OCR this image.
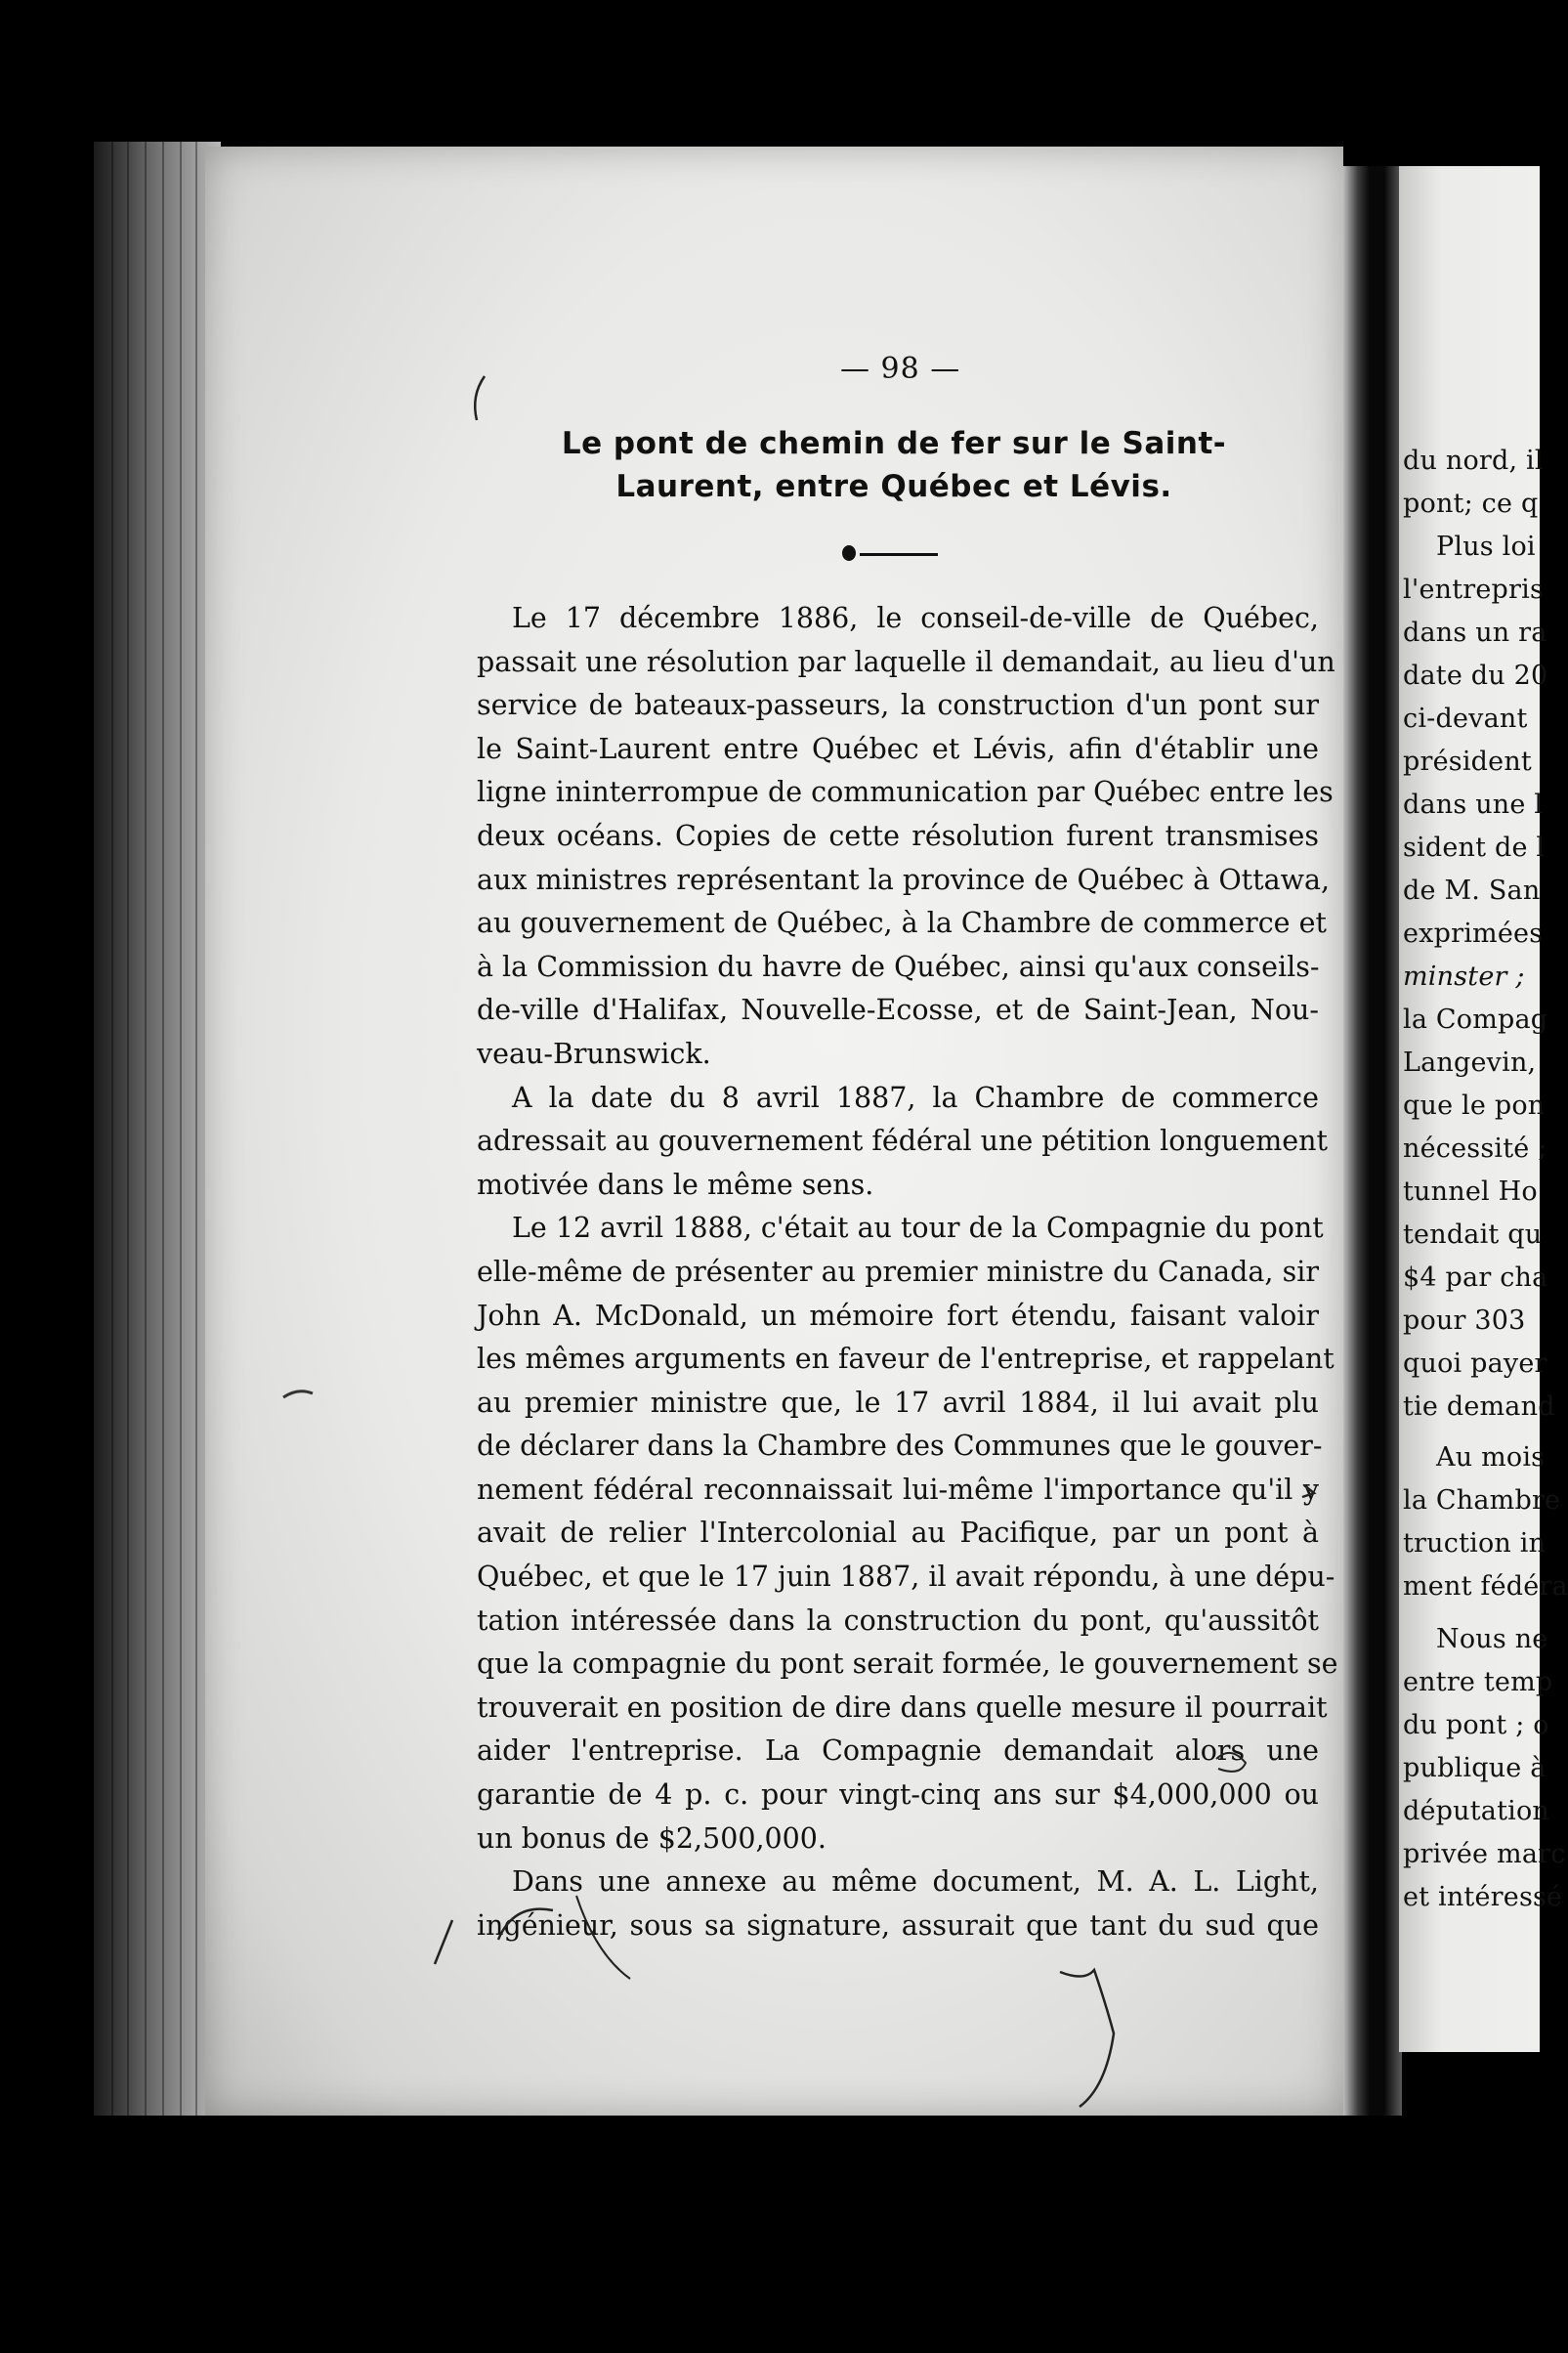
du nord, il
pont; ce q
Plus loi
l'entrepris
dans un ra
date du 20
ci-devant
président
dans une l
sident de l
de M. San
exprimées
minster ;
la Compag
Langevin,
que le pon
nécessité ;
tunnel Ho
tendait qu
$4 par cha
pour 303
quoi payer
tie demand
Au mois
la Chambre
truction in
ment fédéra
Nous ne
entre temp
du pont ; o
publique à
députation
privée marc
et intéressé
— 98 —
Le pont de chemin de fer sur le Saint-
Laurent, entre Québec et Lévis.
Le 17 décembre 1886, le conseil-de-ville de Québec,
passait une résolution par laquelle il demandait, au lieu d'un
service de bateaux-passeurs, la construction d'un pont sur
le Saint-Laurent entre Québec et Lévis, afin d'établir une
ligne ininterrompue de communication par Québec entre les
deux océans. Copies de cette résolution furent transmises
aux ministres représentant la province de Québec à Ottawa,
au gouvernement de Québec, à la Chambre de commerce et
à la Commission du havre de Québec, ainsi qu'aux conseils-
de-ville d'Halifax, Nouvelle-Ecosse, et de Saint-Jean, Nou-
veau-Brunswick.
A la date du 8 avril 1887, la Chambre de commerce
adressait au gouvernement fédéral une pétition longuement
motivée dans le même sens.
Le 12 avril 1888, c'était au tour de la Compagnie du pont
elle-même de présenter au premier ministre du Canada, sir
John A. McDonald, un mémoire fort étendu, faisant valoir
les mêmes arguments en faveur de l'entreprise, et rappelant
au premier ministre que, le 17 avril 1884, il lui avait plu
de déclarer dans la Chambre des Communes que le gouver-
nement fédéral reconnaissait lui-même l'importance qu'il y
avait de relier l'Intercolonial au Pacifique, par un pont à
Québec, et que le 17 juin 1887, il avait répondu, à une dépu-
tation intéressée dans la construction du pont, qu'aussitôt
que la compagnie du pont serait formée, le gouvernement se
trouverait en position de dire dans quelle mesure il pourrait
aider l'entreprise. La Compagnie demandait alors une
garantie de 4 p. c. pour vingt-cinq ans sur $4,000,000 ou
un bonus de $2,500,000.
Dans une annexe au même document, M. A. L. Light,
ingénieur, sous sa signature, assurait que tant du sud que
